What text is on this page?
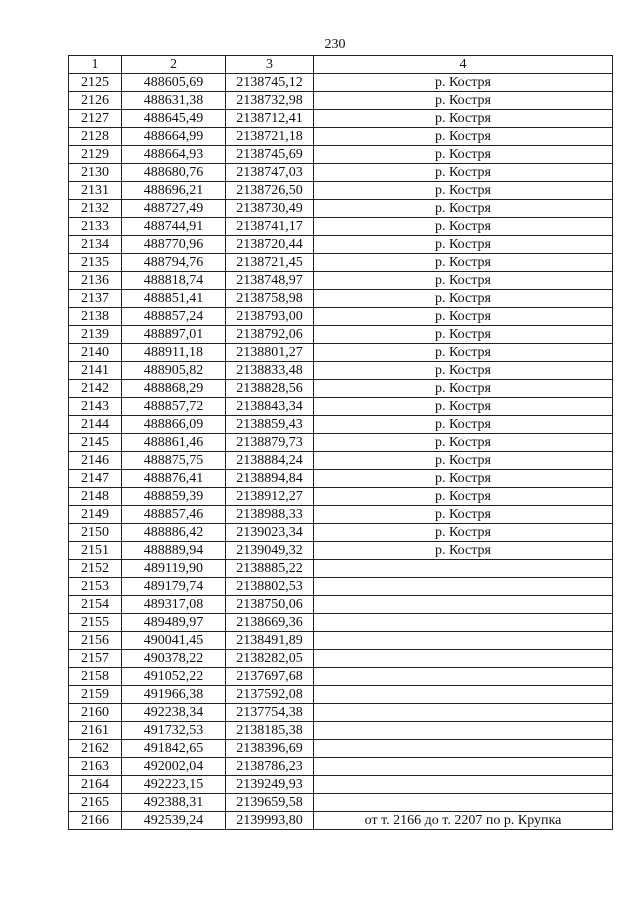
230
1	2	3	4
2125	488605,69	2138745,12	р. Костря
2126	488631,38	2138732,98	р. Костря
2127	488645,49	2138712,41	р. Костря
2128	488664,99	2138721,18	р. Костря
2129	488664,93	2138745,69	р. Костря
2130	488680,76	2138747,03	р. Костря
2131	488696,21	2138726,50	р. Костря
2132	488727,49	2138730,49	р. Костря
2133	488744,91	2138741,17	р. Костря
2134	488770,96	2138720,44	р. Костря
2135	488794,76	2138721,45	р. Костря
2136	488818,74	2138748,97	р. Костря
2137	488851,41	2138758,98	р. Костря
2138	488857,24	2138793,00	р. Костря
2139	488897,01	2138792,06	р. Костря
2140	488911,18	2138801,27	р. Костря
2141	488905,82	2138833,48	р. Костря
2142	488868,29	2138828,56	р. Костря
2143	488857,72	2138843,34	р. Костря
2144	488866,09	2138859,43	р. Костря
2145	488861,46	2138879,73	р. Костря
2146	488875,75	2138884,24	р. Костря
2147	488876,41	2138894,84	р. Костря
2148	488859,39	2138912,27	р. Костря
2149	488857,46	2138988,33	р. Костря
2150	488886,42	2139023,34	р. Костря
2151	488889,94	2139049,32	р. Костря
2152	489119,90	2138885,22	
2153	489179,74	2138802,53	
2154	489317,08	2138750,06	
2155	489489,97	2138669,36	
2156	490041,45	2138491,89	
2157	490378,22	2138282,05	
2158	491052,22	2137697,68	
2159	491966,38	2137592,08	
2160	492238,34	2137754,38	
2161	491732,53	2138185,38	
2162	491842,65	2138396,69	
2163	492002,04	2138786,23	
2164	492223,15	2139249,93	
2165	492388,31	2139659,58	
2166	492539,24	2139993,80	от т. 2166 до т. 2207 по р. Крупка
